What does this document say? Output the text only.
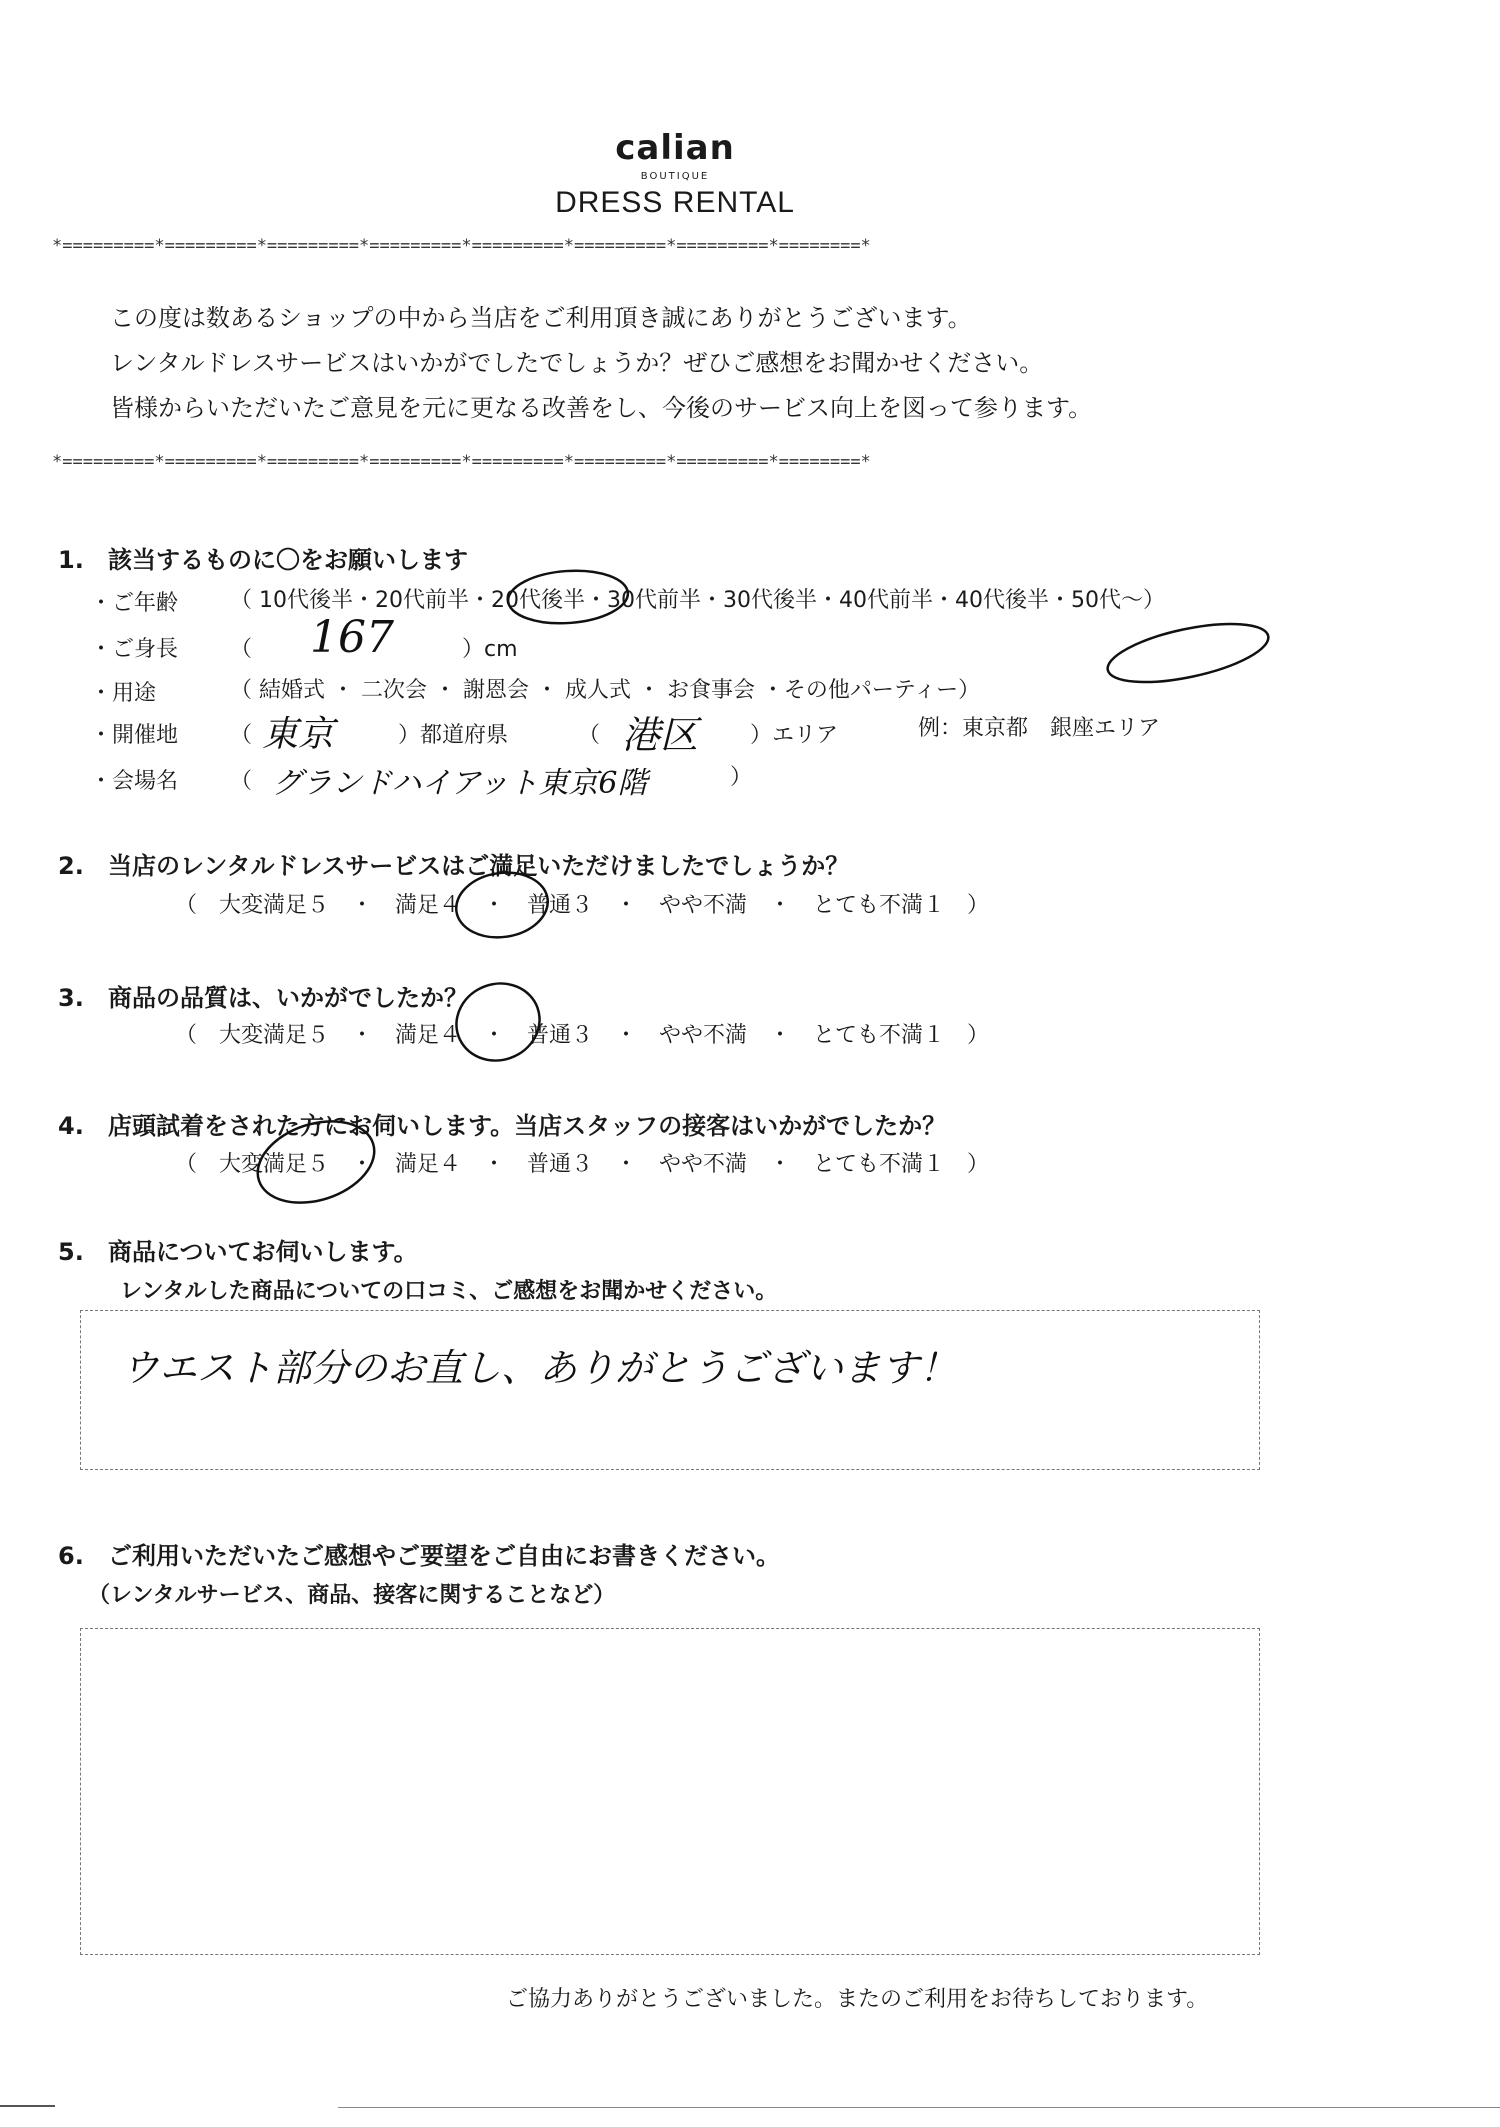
calian
BOUTIQUE
DRESS RENTAL
*=========*=========*=========*=========*=========*=========*=========*========*
この度は数あるショップの中から当店をご利用頂き誠にありがとうございます。
レンタルドレスサービスはいかがでしたでしょうか？ぜひご感想をお聞かせください。
皆様からいただいたご意見を元に更なる改善をし、今後のサービス向上を図って参ります。
*=========*=========*=========*=========*=========*=========*=========*========*
1. 該当するものに〇をお願いします
・ご年齢 （ 10代後半・20代前半・20代後半・30代前半・30代後半・40代前半・40代後半・50代～）
・ご身長 （ 167	）cm
・用途	（ 結婚式 ・ 二次会 ・ 謝恩会 ・ 成人式 ・ お食事会 ・その他パーティー）
・開催地 （ 東京	）都道府県	（ 港区 ）エリア	例：東京都　銀座エリア
・会場名 （ グランドハイアット東京6階	）
2. 当店のレンタルドレスサービスはご満足いただけましたでしょうか？
（　大変満足５　・　満足４　・　普通３　・　やや不満　・　とても不満１　）
3. 商品の品質は、いかがでしたか？
（　大変満足５　・　満足４　・　普通３　・　やや不満　・　とても不満１　）
4. 店頭試着をされた方にお伺いします。当店スタッフの接客はいかがでしたか？
（　大変満足５　・　満足４　・　普通３　・　やや不満　・　とても不満１　）
5. 商品についてお伺いします。
レンタルした商品についての口コミ、ご感想をお聞かせください。
ウエスト部分のお直し、ありがとうございます！
6. ご利用いただいたご感想やご要望をご自由にお書きください。
（レンタルサービス、商品、接客に関することなど）
ご協力ありがとうございました。またのご利用をお待ちしております。
